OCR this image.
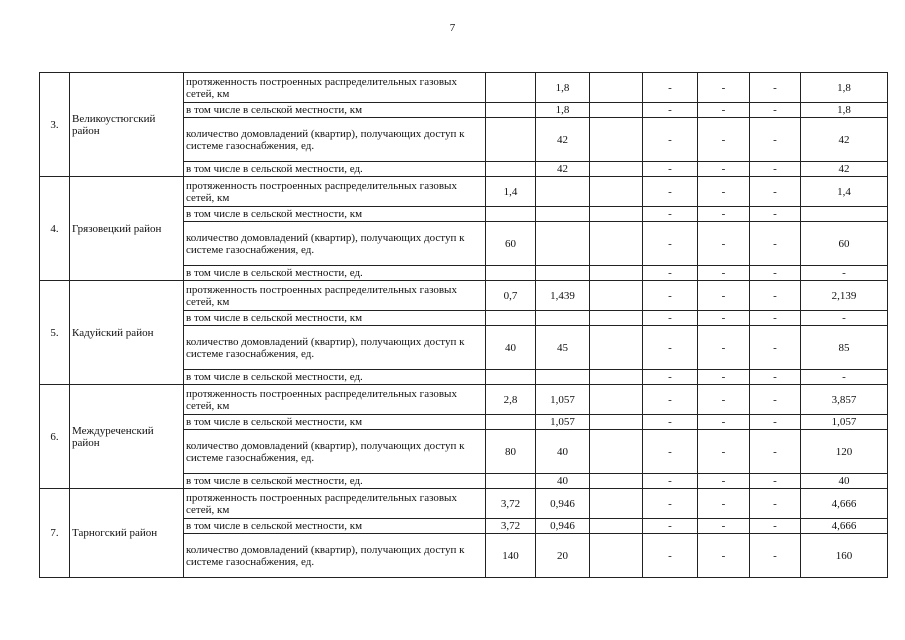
7
3.	Великоустюгский район	протяженность построенных распределительных газовых сетей, км		1,8		-	-	-	1,8
		в том числе в сельской местности, км		1,8		-	-	-	1,8
		количество домовладений (квартир), получающих доступ к системе газоснабжения, ед.		42		-	-	-	42
		в том числе в сельской местности, ед.		42		-	-	-	42
4.	Грязовецкий район	протяженность построенных распределительных газовых сетей, км	1,4			-	-	-	1,4
		в том числе в сельской местности, км				-	-	-	
		количество домовладений (квартир), получающих доступ к системе газоснабжения, ед.	60			-	-	-	60
		в том числе в сельской местности, ед.				-	-	-	-
5.	Кадуйский район	протяженность построенных распределительных газовых сетей, км	0,7	1,439		-	-	-	2,139
		в том числе в сельской местности, км				-	-	-	-
		количество домовладений (квартир), получающих доступ к системе газоснабжения, ед.	40	45		-	-	-	85
		в том числе в сельской местности, ед.				-	-	-	-
6.	Междуреченский район	протяженность построенных распределительных газовых сетей, км	2,8	1,057		-	-	-	3,857
		в том числе в сельской местности, км		1,057		-	-	-	1,057
		количество домовладений (квартир), получающих доступ к системе газоснабжения, ед.	80	40		-	-	-	120
		в том числе в сельской местности, ед.		40		-	-	-	40
7.	Тарногский район	протяженность построенных распределительных газовых сетей, км	3,72	0,946		-	-	-	4,666
		в том числе в сельской местности, км	3,72	0,946		-	-	-	4,666
		количество домовладений (квартир), получающих доступ к системе газоснабжения, ед.	140	20		-	-	-	160
